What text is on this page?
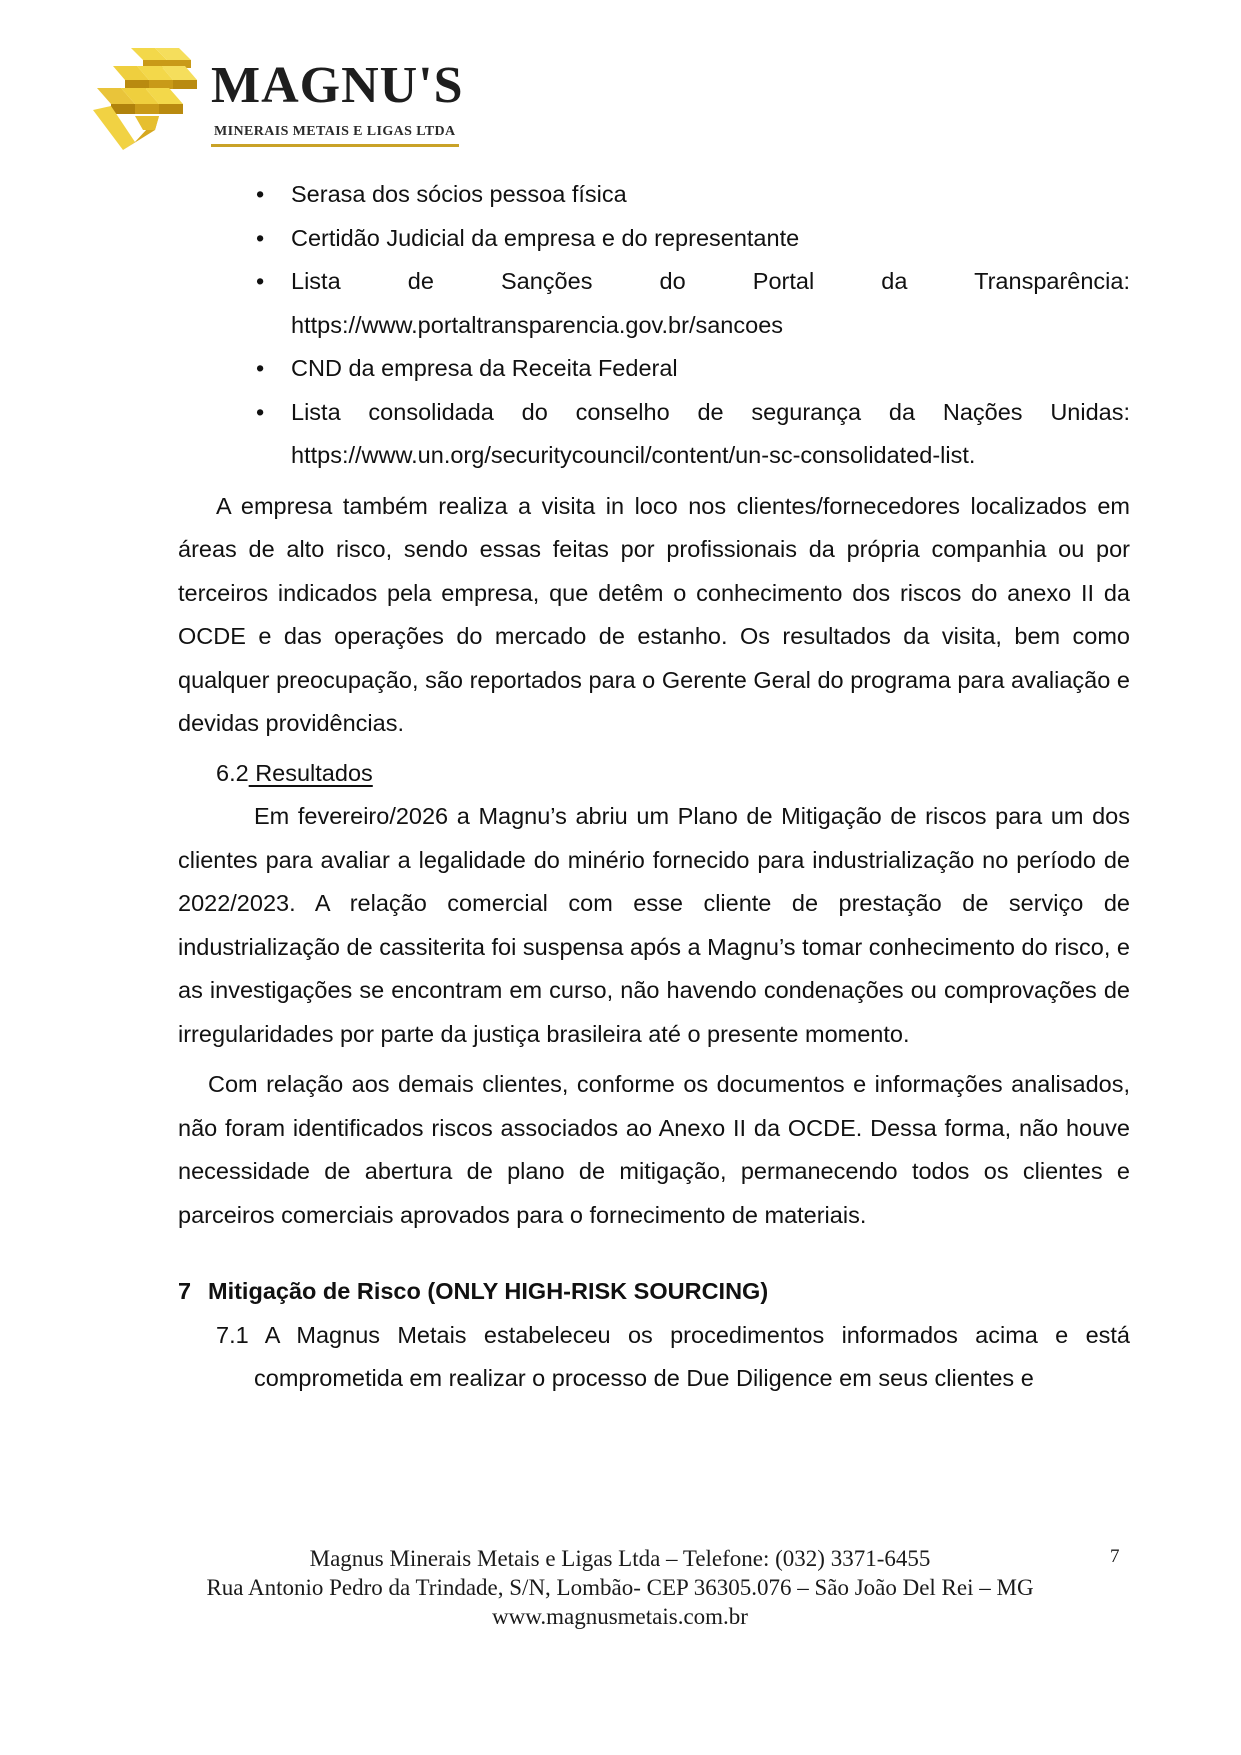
MAGNU'S
MINERAIS METAIS E LIGAS LTDA
• Serasa dos sócios pessoa física
• Certidão Judicial da empresa e do representante
• Lista de Sanções do Portal da Transparência:
https://www.portaltransparencia.gov.br/sancoes
• CND da empresa da Receita Federal
• Lista consolidada do conselho de segurança da Nações Unidas:
https://www.un.org/securitycouncil/content/un-sc-consolidated-list.

A empresa também realiza a visita in loco nos clientes/fornecedores localizados em áreas de alto risco, sendo essas feitas por profissionais da própria companhia ou por terceiros indicados pela empresa, que detêm o conhecimento dos riscos do anexo II da OCDE e das operações do mercado de estanho. Os resultados da visita, bem como qualquer preocupação, são reportados para o Gerente Geral do programa para avaliação e devidas providências.

6.2 Resultados

Em fevereiro/2026 a Magnu’s abriu um Plano de Mitigação de riscos para um dos clientes para avaliar a legalidade do minério fornecido para industrialização no período de 2022/2023. A relação comercial com esse cliente de prestação de serviço de industrialização de cassiterita foi suspensa após a Magnu’s tomar conhecimento do risco, e as investigações se encontram em curso, não havendo condenações ou comprovações de irregularidades por parte da justiça brasileira até o presente momento.

Com relação aos demais clientes, conforme os documentos e informações analisados, não foram identificados riscos associados ao Anexo II da OCDE. Dessa forma, não houve necessidade de abertura de plano de mitigação, permanecendo todos os clientes e parceiros comerciais aprovados para o fornecimento de materiais.

7 Mitigação de Risco (ONLY HIGH-RISK SOURCING)

7.1 A Magnus Metais estabeleceu os procedimentos informados acima e está comprometida em realizar o processo de Due Diligence em seus clientes e

Magnus Minerais Metais e Ligas Ltda – Telefone: (032) 3371-6455
Rua Antonio Pedro da Trindade, S/N, Lombão- CEP 36305.076 – São João Del Rei – MG
www.magnusmetais.com.br
7
